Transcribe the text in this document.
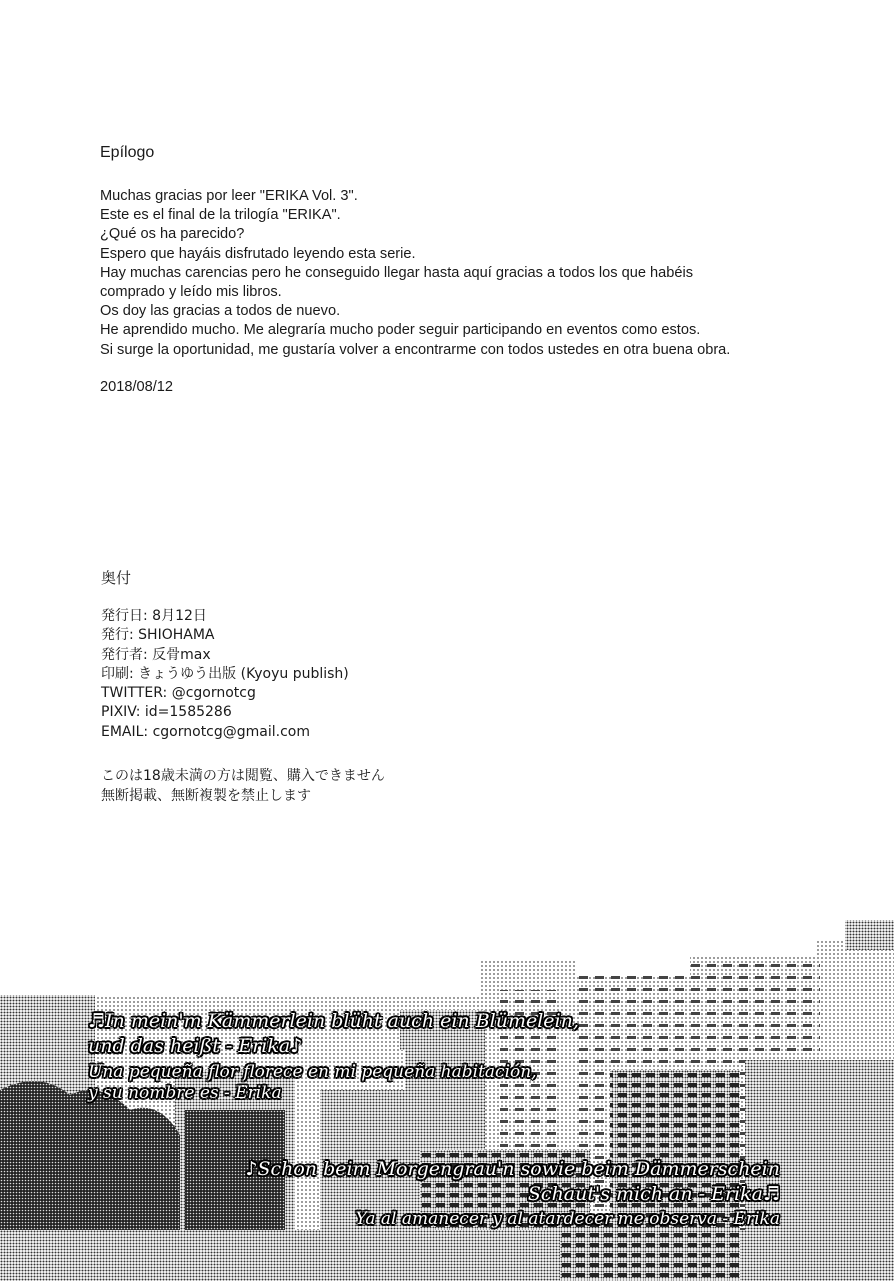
Epílogo
Muchas gracias por leer "ERIKA Vol. 3".
Este es el final de la trilogía "ERIKA".
¿Qué os ha parecido?
Espero que hayáis disfrutado leyendo esta serie.
Hay muchas carencias pero he conseguido llegar hasta aquí gracias a todos los que habéis
comprado y leído mis libros.
Os doy las gracias a todos de nuevo.
He aprendido mucho. Me alegraría mucho poder seguir participando en eventos como estos.
Si surge la oportunidad, me gustaría volver a encontrarme con todos ustedes en otra buena obra.
2018/08/12
奥付
発行日: 8月12日
発行: SHIOHAMA
発行者: 反骨max
印刷: きょうゆう出版 (Kyoyu publish)
TWITTER: @cgornotcg
PIXIV: id=1585286
EMAIL: cgornotcg@gmail.com
このは18歳未満の方は閲覧、購入できません
無断掲載、無断複製を禁止します
♬In mein'm Kämmerlein blüht auch ein Blümelein,
und das heißt - Erika♪
Una pequeña flor florece en mi pequeña habitación,
y su nombre es - Erika
♪Schon beim Morgengrau'n sowie beim Dämmerschein
Schaut's mich an - Erika♬
Ya al amanecer y al atardecer me observa - Erika
